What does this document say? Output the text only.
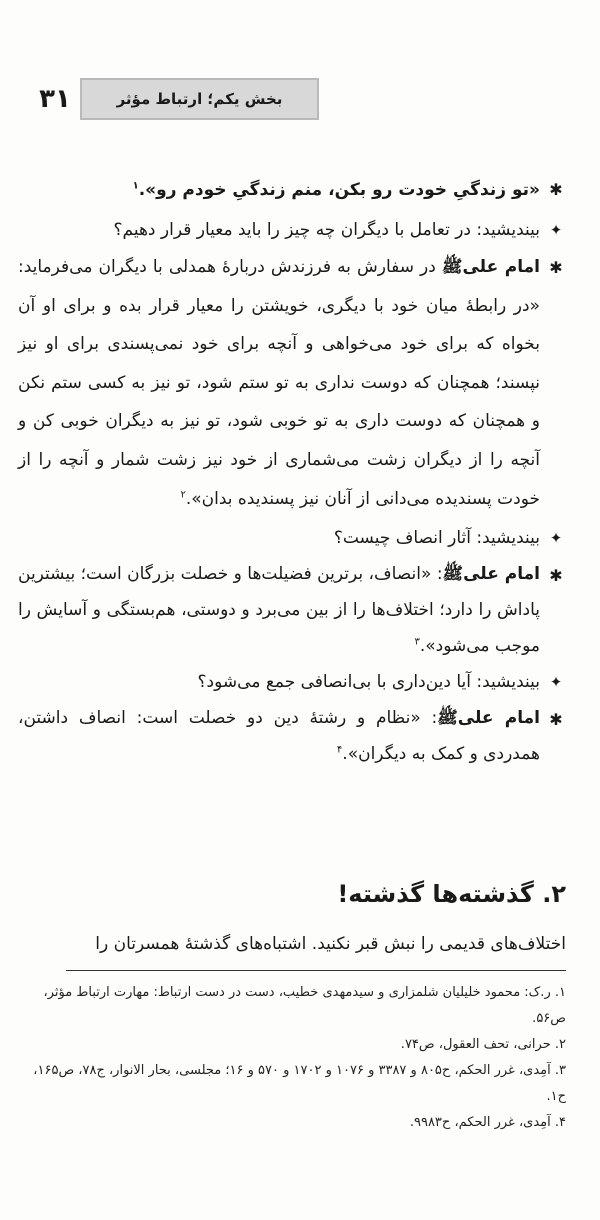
۳۱	بخش یکم؛ ارتباط مؤثر
✱
«تو زندگیِ خودت رو بکن، منم زندگیِ خودم رو».$^۱$
✦
بیندیشید: در تعامل با دیگران چه چیز را باید معیار قرار دهیم؟
✱
امام علیﷺ در سفارش به فرزندش دربارهٔ همدلی با دیگران می‌فرماید: «در رابطهٔ میان خود با دیگری، خویشتن را معیار قرار بده و برای او آن بخواه که برای خود می‌خواهی و آنچه برای خود نمی‌پسندی برای او نیز نپسند؛ همچنان که دوست نداری به تو ستم شود، تو نیز به کسی ستم نکن و همچنان که دوست داری به تو خوبی شود، تو نیز به دیگران خوبی کن و آنچه را از دیگران زشت می‌شماری از خود نیز زشت شمار و آنچه را از خودت پسندیده می‌دانی از آنان نیز پسندیده بدان».$^۲$
✦
بیندیشید: آثار انصاف چیست؟
✱
امام علیﷺ: «انصاف، برترین فضیلت‌ها و خصلت بزرگان است؛ بیشترین پاداش را دارد؛ اختلاف‌ها را از بین می‌برد و دوستی، هم‌بستگی و آسایش را موجب می‌شود».$^۳$
✦
بیندیشید: آیا دین‌داری با بی‌انصافی جمع می‌شود؟
✱
امام علیﷺ: «نظام و رشتهٔ دین دو خصلت است: انصاف داشتن، همدردی و کمک به دیگران».$^۴$
۲. گذشته‌ها گذشته!
اختلاف‌های قدیمی را نبش قبر نکنید. اشتباه‌های گذشتهٔ همسرتان را
۱. ر.ک: محمود خلیلیان شلمزاری و سیدمهدی خطیب، دست در دست ارتباط: مهارت ارتباط مؤثر، ص۵۶.
۲. حرانی، تحف العقول، ص۷۴.
۳. آمِدی، غرر الحکم، ح۸۰۵ و ۳۳۸۷ و ۱۰۷۶ و ۱۷۰۲ و ۵۷۰ و ۱۶؛ مجلسی، بحار الانوار، ج۷۸، ص۱۶۵، ح۱.
۴. آمِدی، غرر الحکم، ح۹۹۸۳.
